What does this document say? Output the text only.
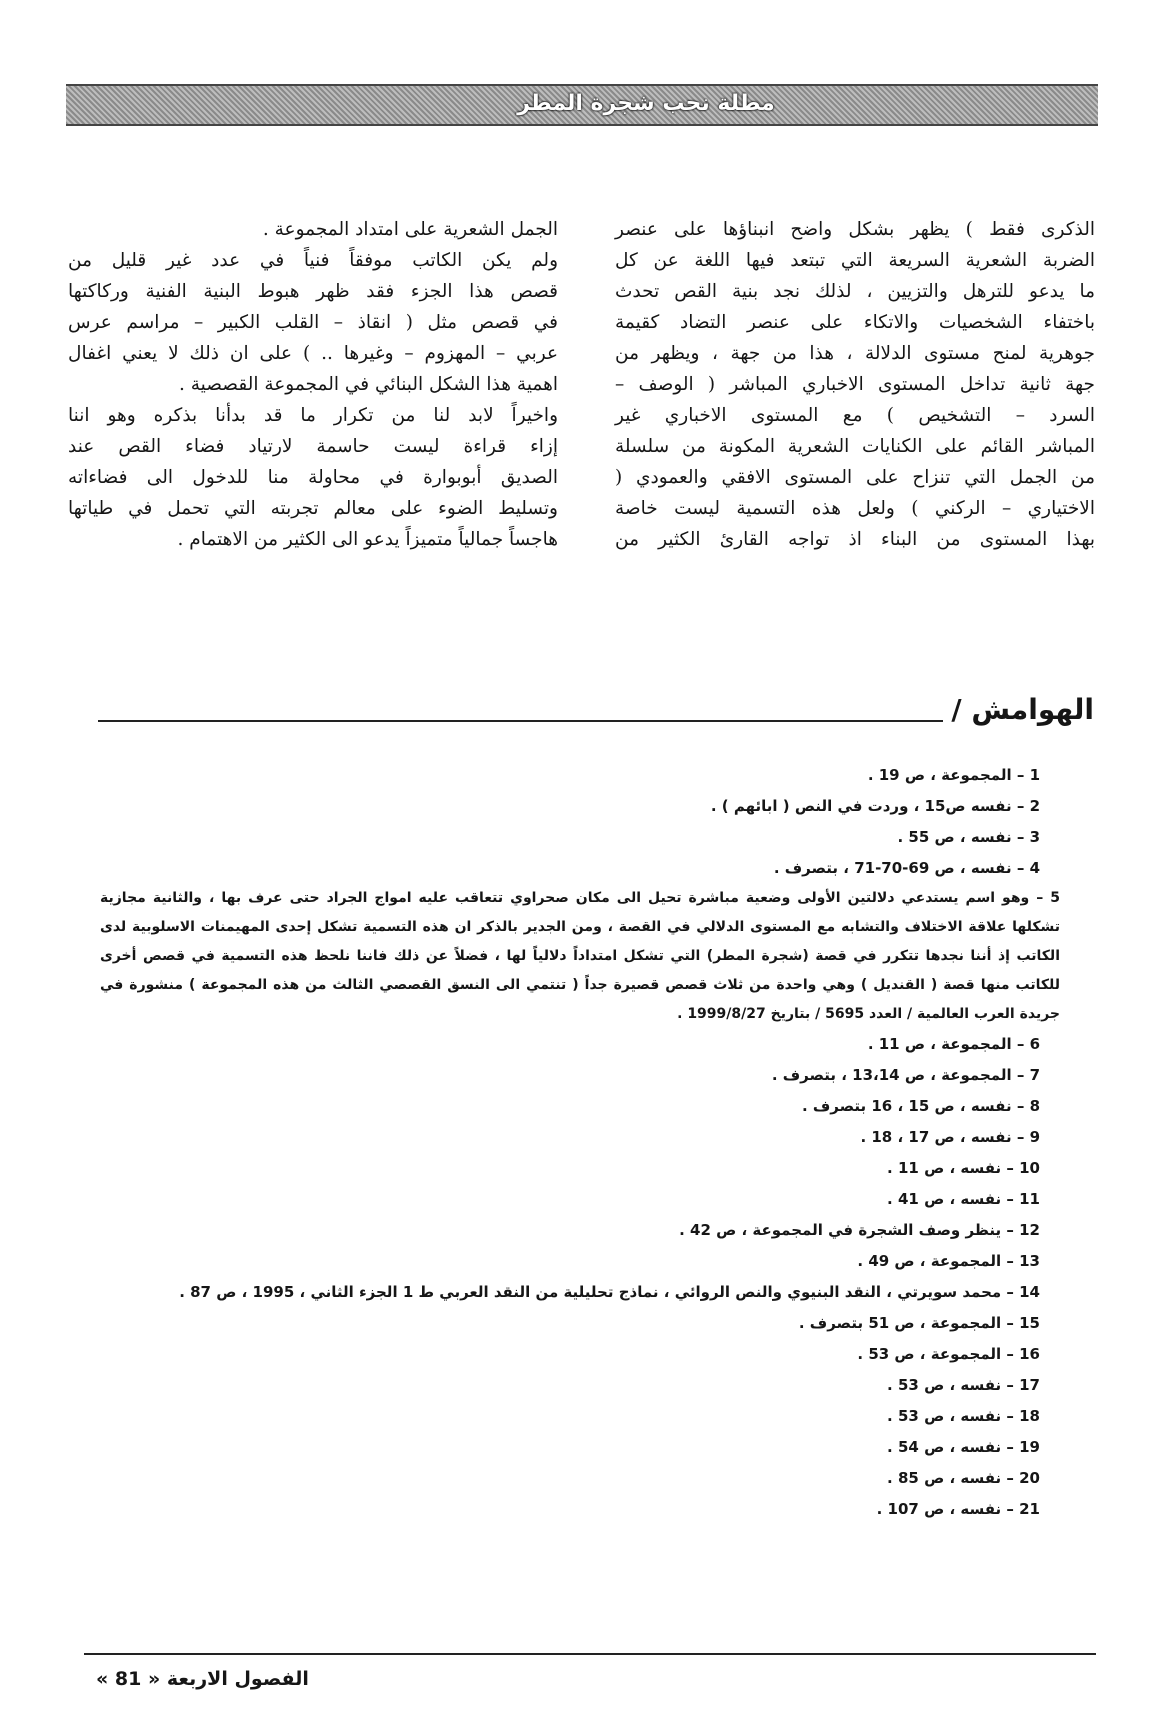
مطلة نحب شجرة المطر
الذكرى فقط ) يظهر بشكل واضح انبناؤها على عنصر
الضربة الشعرية السريعة التي تبتعد فيها اللغة عن كل
ما يدعو للترهل والتزيين ، لذلك نجد بنية القص تحدث
باختفاء الشخصيات والاتكاء على عنصر التضاد كقيمة
جوهرية لمنح مستوى الدلالة ، هذا من جهة ، ويظهر من
جهة ثانية تداخل المستوى الاخباري المباشر ( الوصف –
السرد – التشخيص ) مع المستوى الاخباري غير
المباشر القائم على الكنايات الشعرية المكونة من سلسلة
من الجمل التي تنزاح على المستوى الافقي والعمودي (
الاختياري – الركني ) ولعل هذه التسمية ليست خاصة
بهذا المستوى من البناء اذ تواجه القارئ الكثير من
الجمل الشعرية على امتداد المجموعة .
ولم يكن الكاتب موفقاً فنياً في عدد غير قليل من
قصص هذا الجزء فقد ظهر هبوط البنية الفنية وركاكتها
في قصص مثل ( انقاذ – القلب الكبير – مراسم عرس
عربي – المهزوم – وغيرها .. ) على ان ذلك لا يعني اغفال
اهمية هذا الشكل البنائي في المجموعة القصصية .
واخيراً لابد لنا من تكرار ما قد بدأنا بذكره وهو اننا
إزاء قراءة ليست حاسمة لارتياد فضاء القص عند
الصديق أبوبوارة في محاولة منا للدخول الى فضاءاته
وتسليط الضوء على معالم تجربته التي تحمل في طياتها
هاجساً جمالياً متميزاً يدعو الى الكثير من الاهتمام .
الهوامش /
1 – المجموعة ، ص 19 .
2 – نفسه ص15 ، وردت في النص ( ابائهم ) .
3 – نفسه ، ص 55 .
4 – نفسه ، ص 69-70-71 ، بتصرف .
5 – وهو اسم يستدعي دلالتين الأولى وضعية مباشرة تحيل الى مكان صحراوي تتعاقب عليه امواج الجراد حتى عرف بها ، والثانية مجازية
تشكلها علاقة الاختلاف والتشابه مع المستوى الدلالي في القصة ، ومن الجدير بالذكر ان هذه التسمية تشكل إحدى المهيمنات الاسلوبية لدى
الكاتب إذ أننا نجدها تتكرر في قصة (شجرة المطر) التي تشكل امتداداً دلالياً لها ، فضلاً عن ذلك فاننا نلحظ هذه التسمية في قصص أخرى
للكاتب منها قصة ( القنديل ) وهي واحدة من ثلاث قصص قصيرة جداً ( تنتمي الى النسق القصصي الثالث من هذه المجموعة ) منشورة في
جريدة العرب العالمية / العدد 5695 / بتاريخ 1999/8/27 .
6 – المجموعة ، ص 11 .
7 – المجموعة ، ص 13،14 ، بتصرف .
8 – نفسه ، ص 15 ، 16 بتصرف .
9 – نفسه ، ص 17 ، 18 .
10 – نفسه ، ص 11 .
11 – نفسه ، ص 41 .
12 – ينظر وصف الشجرة في المجموعة ، ص 42 .
13 – المجموعة ، ص 49 .
14 – محمد سويرتي ، النقد البنيوي والنص الروائي ، نماذج تحليلية من النقد العربي ط 1 الجزء الثاني ، 1995 ، ص 87 .
15 – المجموعة ، ص 51 بتصرف .
16 – المجموعة ، ص 53 .
17 – نفسه ، ص 53 .
18 – نفسه ، ص 53 .
19 – نفسه ، ص 54 .
20 – نفسه ، ص 85 .
21 – نفسه ، ص 107 .
الفصول الاربعة « 81 »
